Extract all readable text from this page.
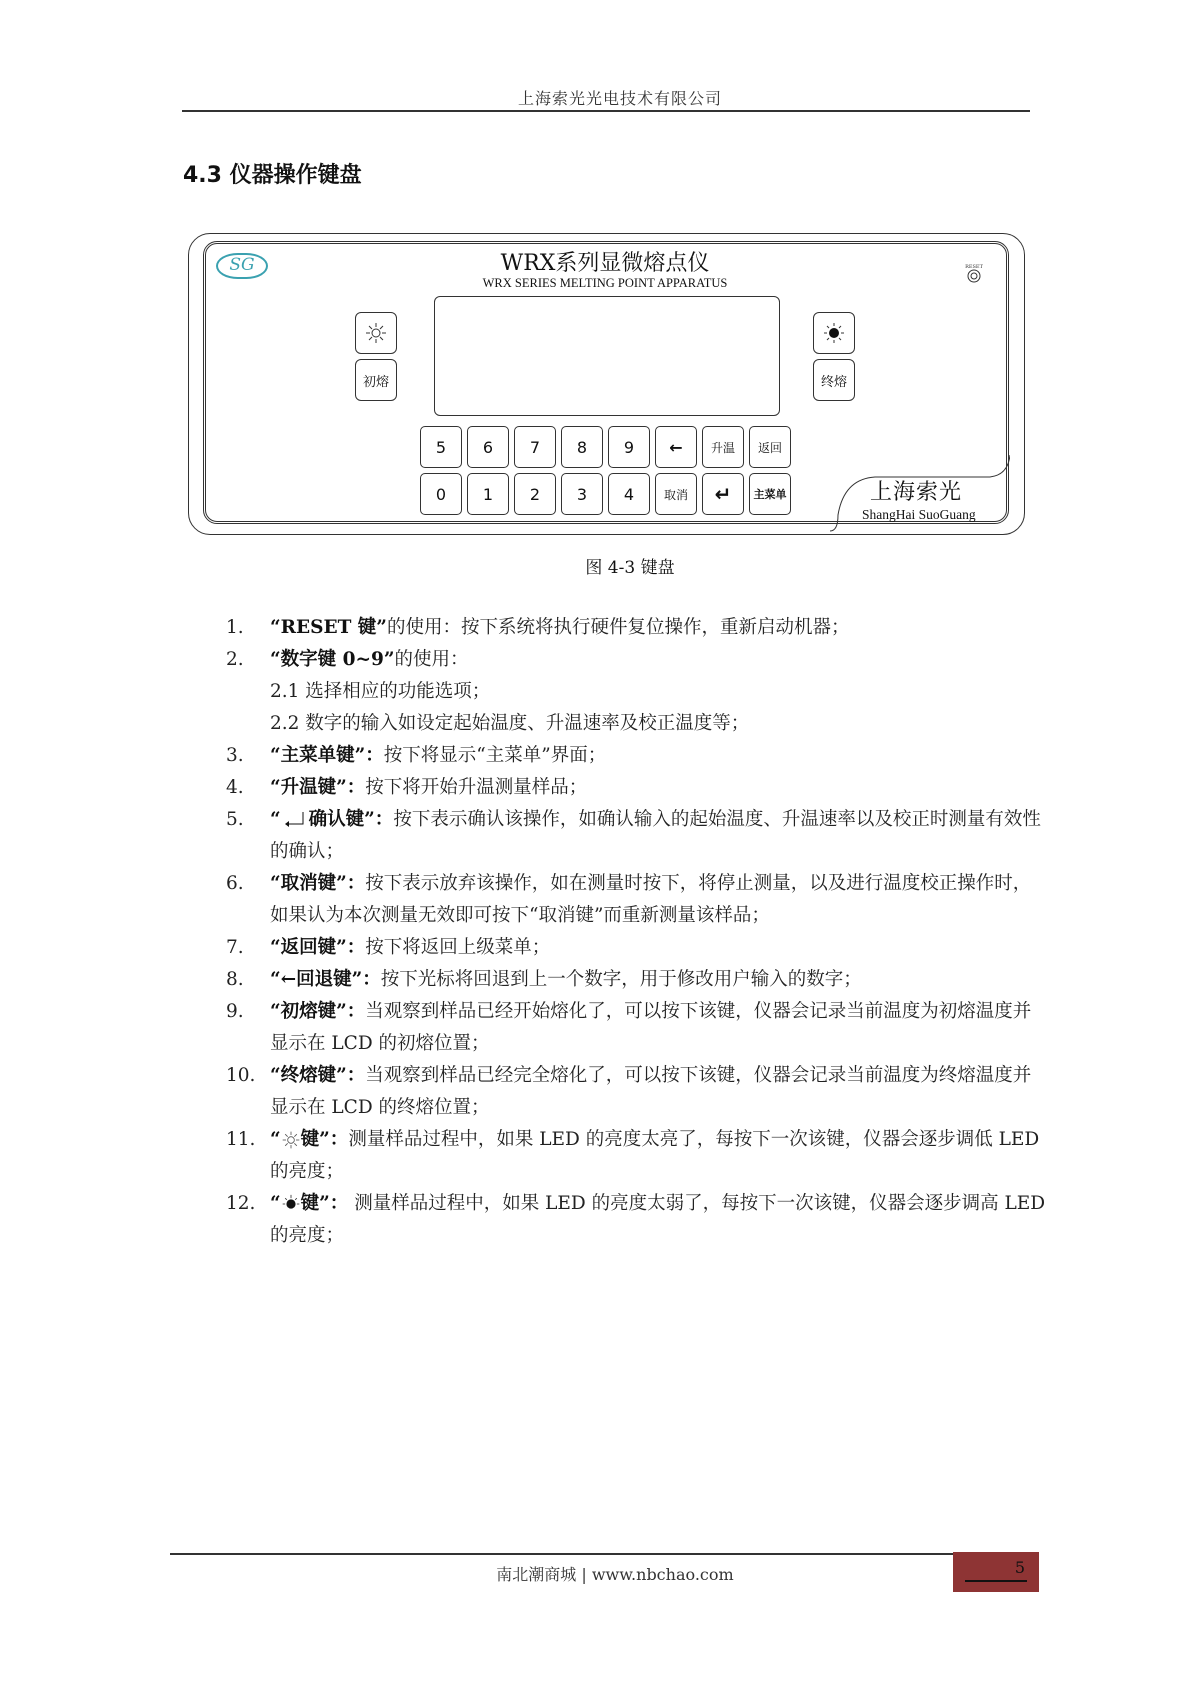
上海索光光电技术有限公司
4.3 仪器操作键盘
SG	WRX系列显微熔点仪
WRX SERIES MELTING POINT APPARATUS
RESET
初熔	终熔
5	6	7	8	9	←	升温	返回
0	1	2	3	4	取消	↵	主菜单	上海索光
ShangHai SuoGuang
图 4-3 键盘
1. “RESET 键”的使用：按下系统将执行硬件复位操作，重新启动机器；
2. “数字键 0~9”的使用：
2.1 选择相应的功能选项；
2.2 数字的输入如设定起始温度、升温速率及校正温度等；
3. “主菜单键”：按下将显示“主菜单”界面；
4. “升温键”：按下将开始升温测量样品；
5. “ 确认键”：按下表示确认该操作，如确认输入的起始温度、升温速率以及校正时测量有效性的确认；
6. “取消键”：按下表示放弃该操作，如在测量时按下，将停止测量，以及进行温度校正操作时，如果认为本次测量无效即可按下“取消键”而重新测量该样品；
7. “返回键”：按下将返回上级菜单；
8. “←回退键”：按下光标将回退到上一个数字，用于修改用户输入的数字；
9. “初熔键”：当观察到样品已经开始熔化了，可以按下该键，仪器会记录当前温度为初熔温度并显示在 LCD 的初熔位置；
10. “终熔键”：当观察到样品已经完全熔化了，可以按下该键，仪器会记录当前温度为终熔温度并显示在 LCD 的终熔位置；
11. “ 键”：测量样品过程中，如果 LED 的亮度太亮了，每按下一次该键，仪器会逐步调低 LED 的亮度；
12. “ 键”： 测量样品过程中，如果 LED 的亮度太弱了，每按下一次该键，仪器会逐步调高 LED 的亮度；
南北潮商城 | www.nbchao.com	5
